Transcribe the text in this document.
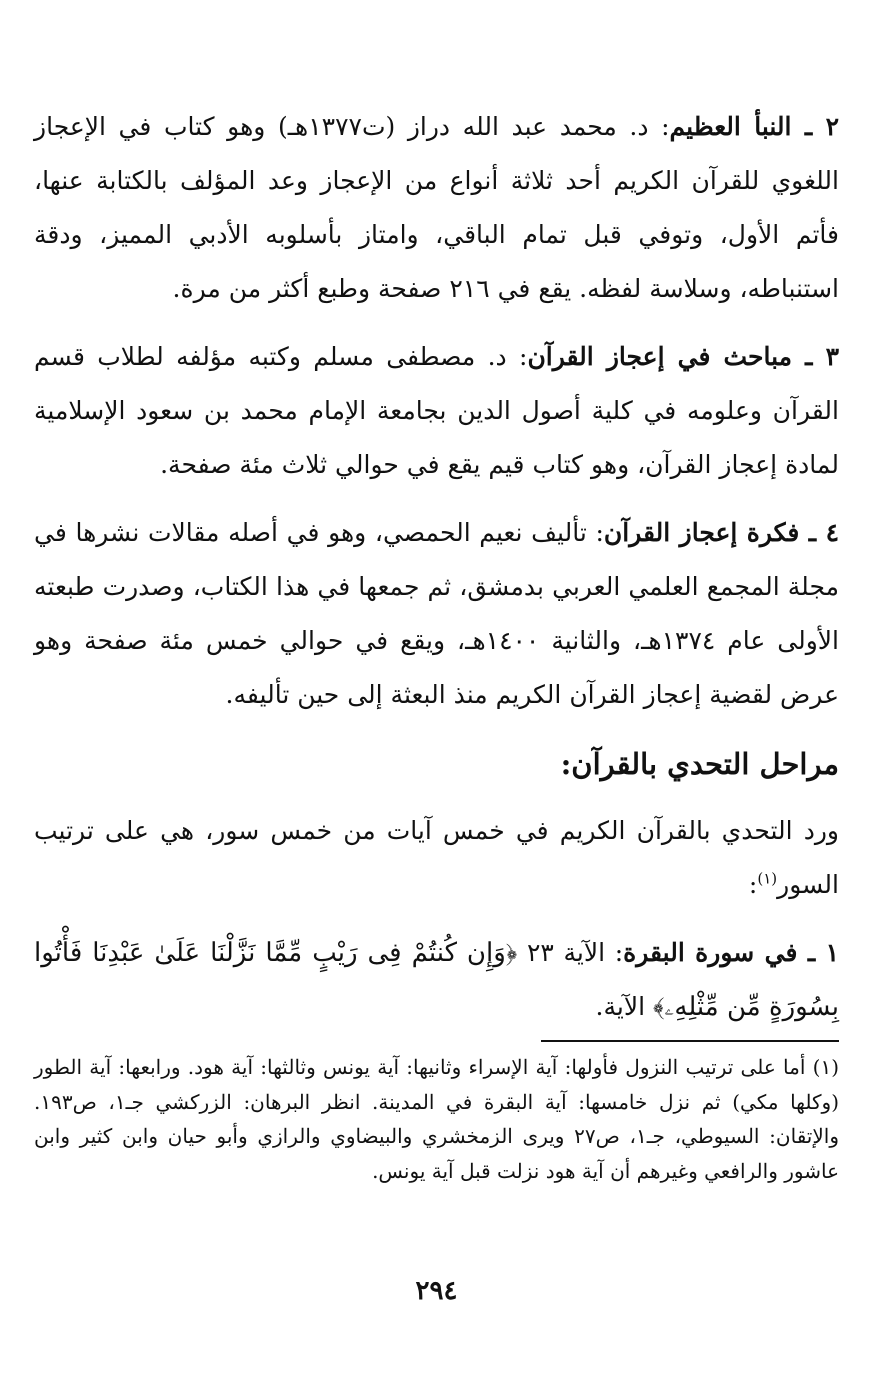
٢ ـ النبأ العظيم: د. محمد عبد الله دراز (ت١٣٧٧هـ) وهو كتاب في الإعجاز اللغوي للقرآن الكريم أحد ثلاثة أنواع من الإعجاز وعد المؤلف بالكتابة عنها، فأتم الأول، وتوفي قبل تمام الباقي، وامتاز بأسلوبه الأدبي المميز، ودقة استنباطه، وسلاسة لفظه. يقع في ٢١٦ صفحة وطبع أكثر من مرة.

٣ ـ مباحث في إعجاز القرآن: د. مصطفى مسلم وكتبه مؤلفه لطلاب قسم القرآن وعلومه في كلية أصول الدين بجامعة الإمام محمد بن سعود الإسلامية لمادة إعجاز القرآن، وهو كتاب قيم يقع في حوالي ثلاث مئة صفحة.

٤ ـ فكرة إعجاز القرآن: تأليف نعيم الحمصي، وهو في أصله مقالات نشرها في مجلة المجمع العلمي العربي بدمشق، ثم جمعها في هذا الكتاب، وصدرت طبعته الأولى عام ١٣٧٤هـ، والثانية ١٤٠٠هـ، ويقع في حوالي خمس مئة صفحة وهو عرض لقضية إعجاز القرآن الكريم منذ البعثة إلى حين تأليفه.

مراحل التحدي بالقرآن:

ورد التحدي بالقرآن الكريم في خمس آيات من خمس سور، هي على ترتيب السور$^{(١)}$:

١ ـ في سورة البقرة: الآية ٢٣ ﴿وَإِن كُنتُمْ فِى رَيْبٍ مِّمَّا نَزَّلْنَا عَلَىٰ عَبْدِنَا فَأْتُوا بِسُورَةٍ مِّن مِّثْلِهِۦ﴾ الآية.

(١) أما على ترتيب النزول فأولها: آية الإسراء وثانيها: آية يونس وثالثها: آية هود. ورابعها: آية الطور (وكلها مكي) ثم نزل خامسها: آية البقرة في المدينة. انظر البرهان: الزركشي جـ١، ص١٩٣. والإتقان: السيوطي، جـ١، ص٢٧ ويرى الزمخشري والبيضاوي والرازي وأبو حيان وابن كثير وابن عاشور والرافعي وغيرهم أن آية هود نزلت قبل آية يونس.

٢٩٤
